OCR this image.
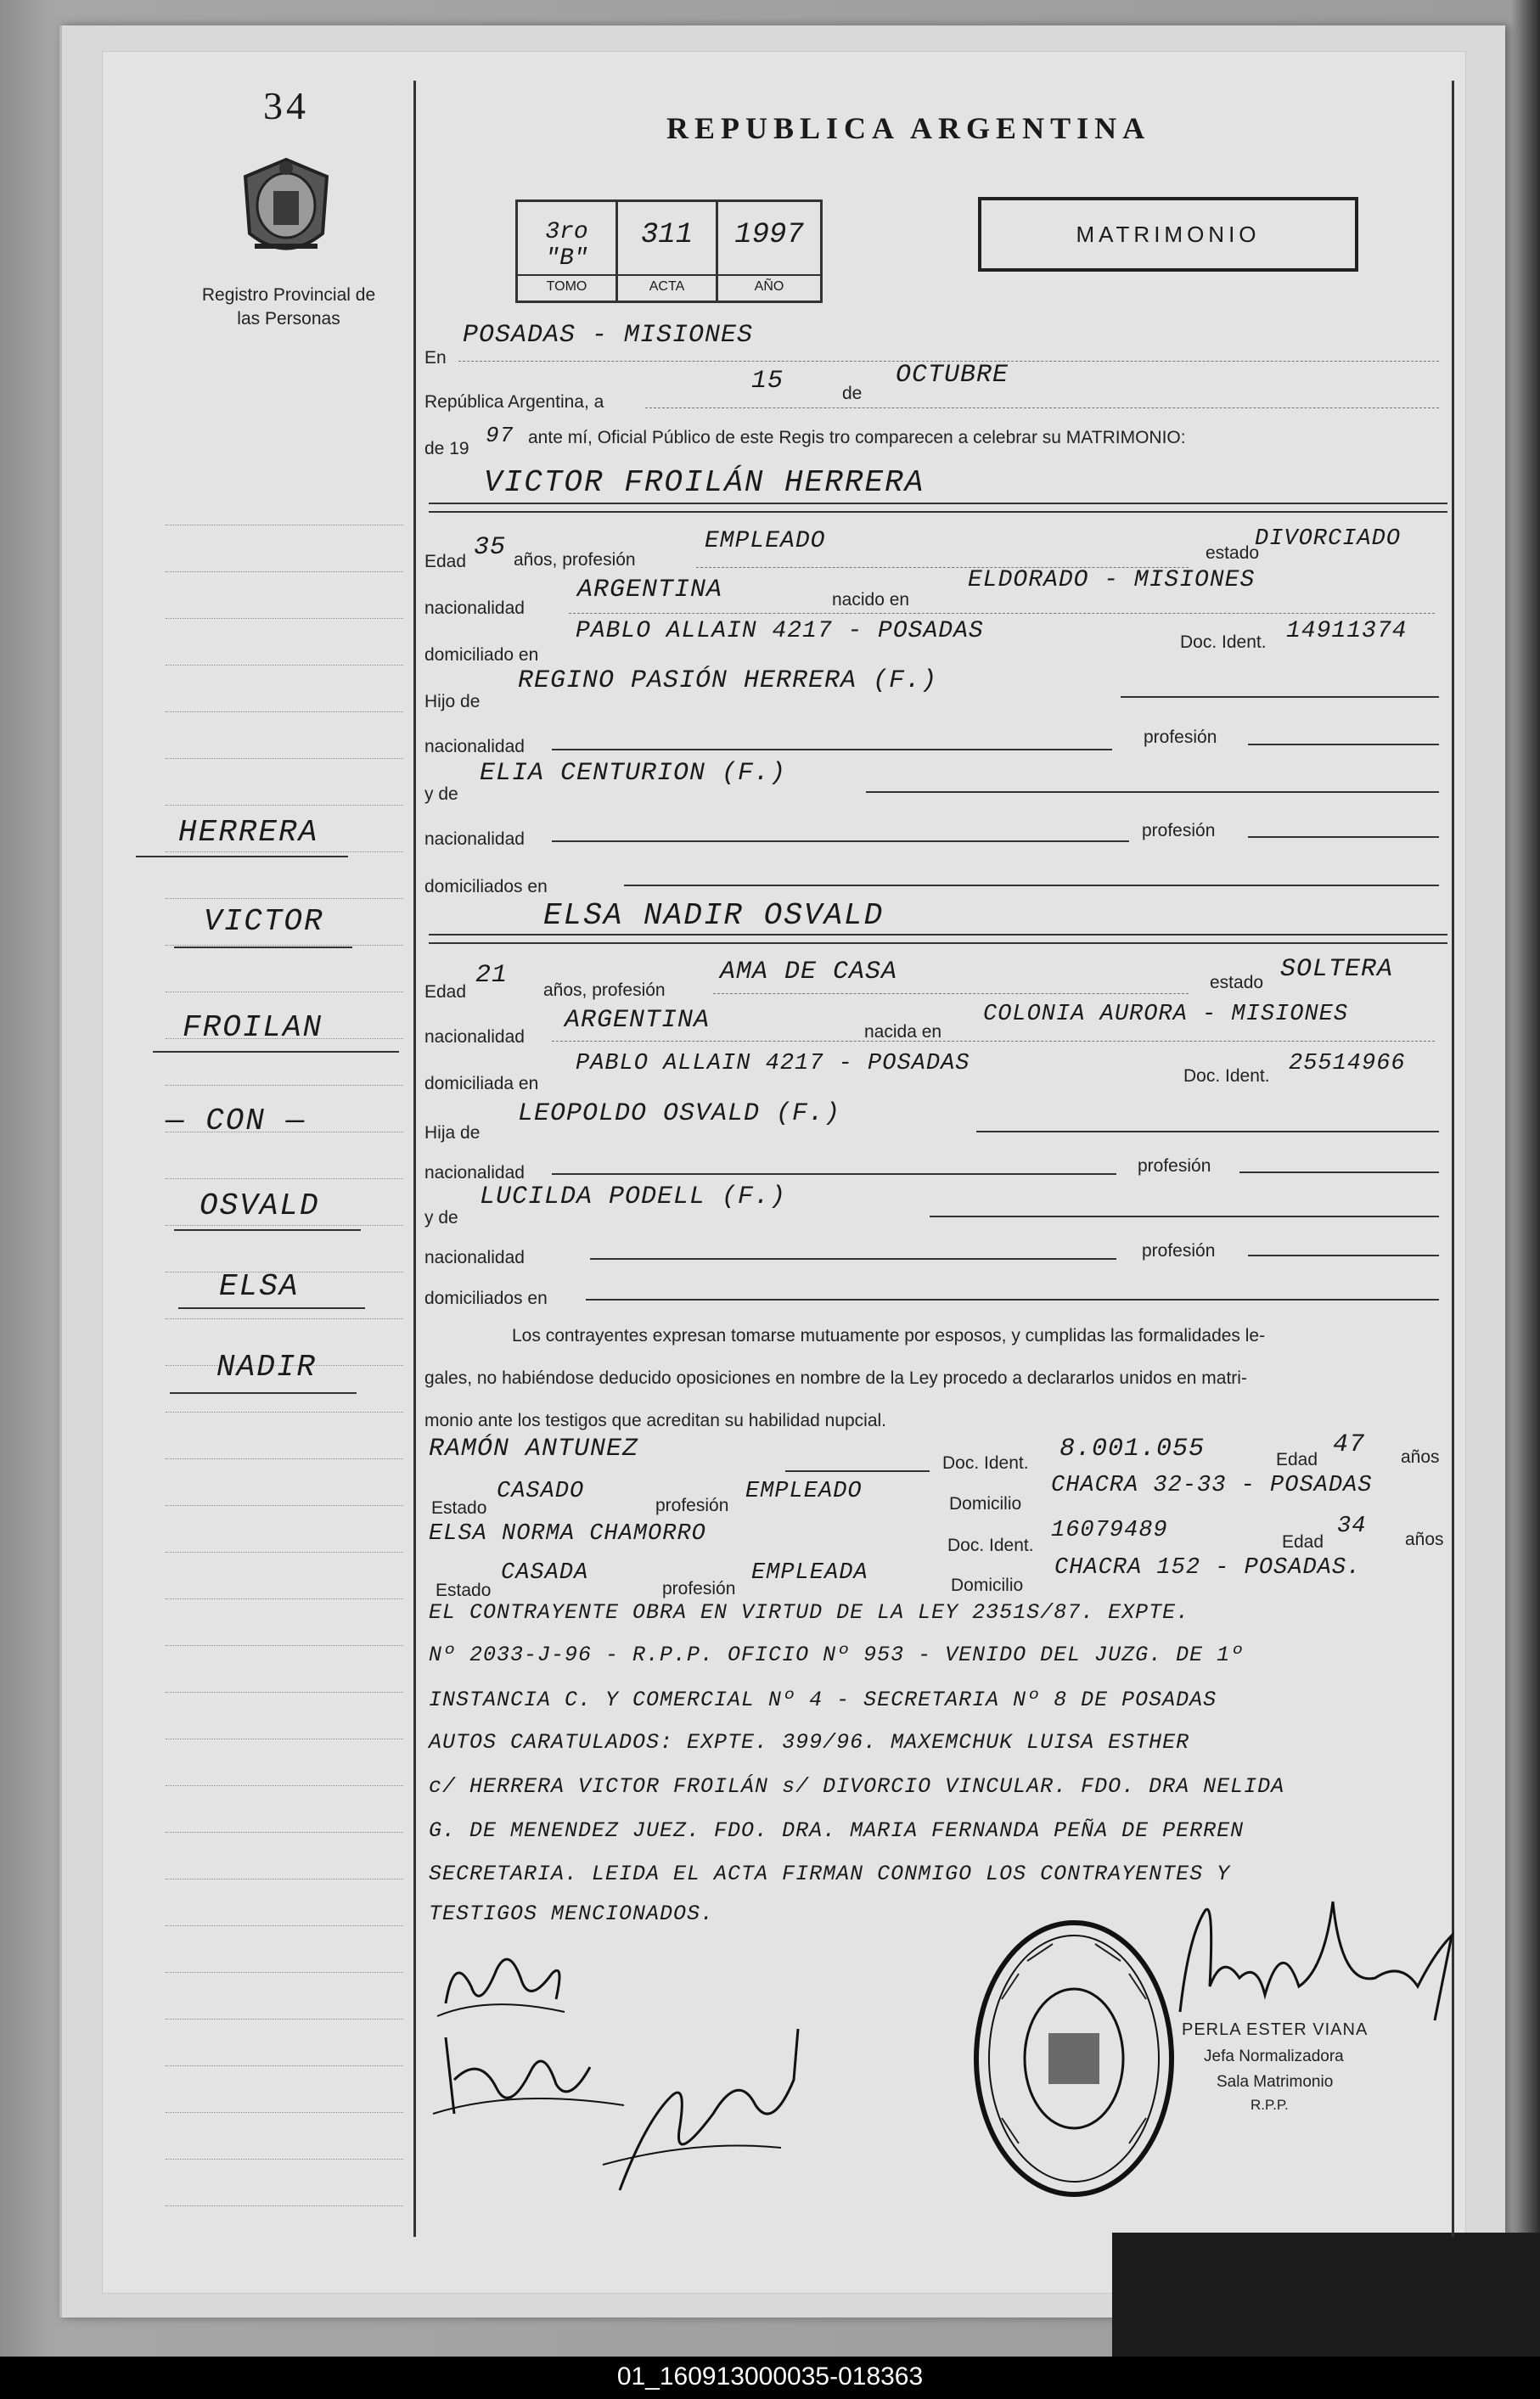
01_160913000035-018363
34
REPUBLICA ARGENTINA
Registro Provincial de las Personas
3ro "B"
TOMO
311
ACTA
1997
AÑO
MATRIMONIO
HERRERA
VICTOR
FROILAN
— CON —
OSVALD
ELSA
NADIR
En
POSADAS - MISIONES
República Argentina, a
15	de
OCTUBRE
de 19
97 ante mí, Oficial Público de este Regis tro comparecen a celebrar su MATRIMONIO:
VICTOR FROILÁN HERRERA
Edad 35 años, profesión
EMPLEADO	estado
DIVORCIADO
nacionalidad
ARGENTINA	nacido en
ELDORADO - MISIONES
domiciliado en
PABLO ALLAIN 4217 - POSADAS	Doc. Ident. 14911374
Hijo de
REGINO PASIÓN HERRERA (F.)
nacionalidad	profesión
y de
ELIA CENTURION (F.)
nacionalidad	profesión
domiciliados en
ELSA NADIR OSVALD
Edad
21
años, profesión
AMA DE CASA	estado SOLTERA
nacionalidad
ARGENTINA	nacida en
COLONIA AURORA - MISIONES
domiciliada en
PABLO ALLAIN 4217 - POSADAS	Doc. Ident. 25514966
Hija de
LEOPOLDO OSVALD (F.)
nacionalidad	profesión
y de
LUCILDA PODELL (F.)
nacionalidad	profesión
domiciliados en
Los contrayentes expresan tomarse mutuamente por esposos, y cumplidas las formalidades le-
gales, no habiéndose deducido oposiciones en nombre de la Ley procedo a declararlos unidos en matri-
monio ante los testigos que acreditan su habilidad nupcial.
RAMÓN ANTUNEZ	Doc. Ident. 8.001.055	Edad
47 años
Estado
CASADO
profesión
EMPLEADO	Domicilio
CHACRA 32-33 - POSADAS
ELSA NORMA CHAMORRO	Doc. Ident.
16079489	Edad
34
años
Estado
CASADA
profesión
EMPLEADA	Domicilio
CHACRA 152 - POSADAS.
EL CONTRAYENTE OBRA EN VIRTUD DE LA LEY 2351S/87. EXPTE.
Nº 2033-J-96 - R.P.P. OFICIO Nº 953 - VENIDO DEL JUZG. DE 1º
INSTANCIA C. Y COMERCIAL Nº 4 - SECRETARIA Nº 8 DE POSADAS
AUTOS CARATULADOS: EXPTE. 399/96. MAXEMCHUK LUISA ESTHER
c/ HERRERA VICTOR FROILÁN s/ DIVORCIO VINCULAR. FDO. DRA NELIDA
G. DE MENENDEZ JUEZ. FDO. DRA. MARIA FERNANDA PEÑA DE PERREN
SECRETARIA. LEIDA EL ACTA FIRMAN CONMIGO LOS CONTRAYENTES Y
TESTIGOS MENCIONADOS.
PERLA ESTER VIANA
Jefa Normalizadora
Sala Matrimonio
R.P.P.
